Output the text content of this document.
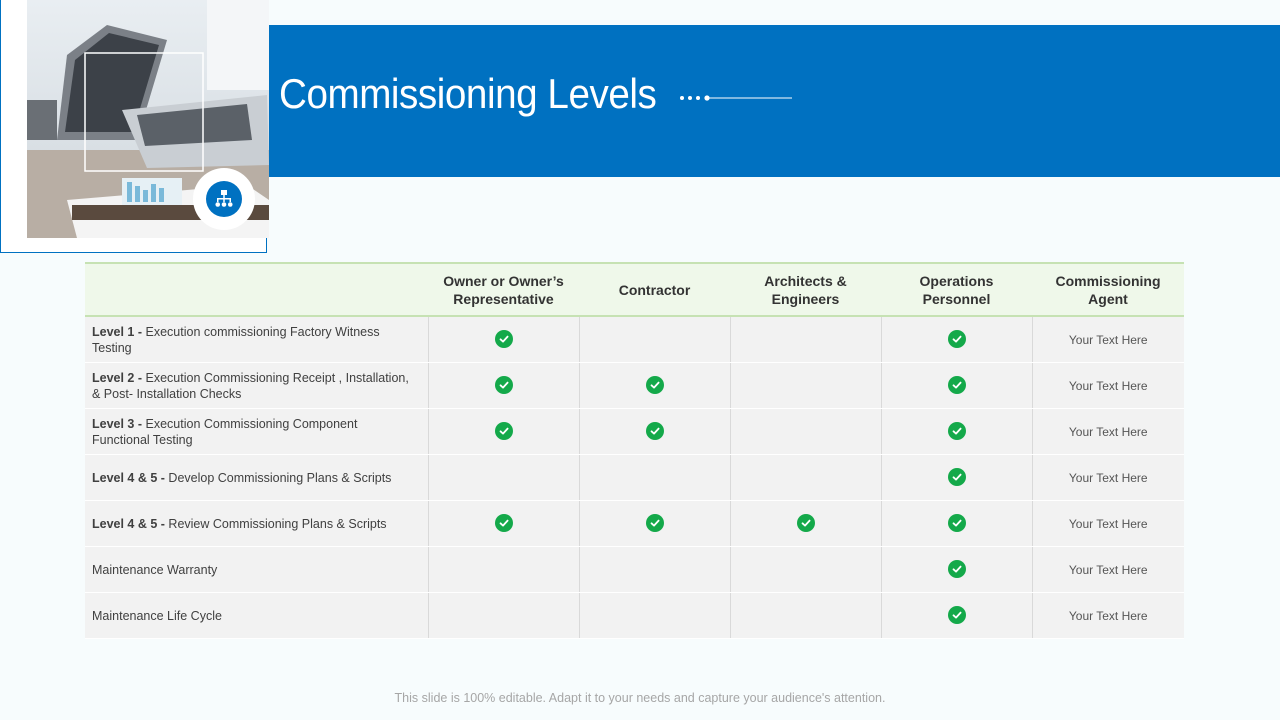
Commissioning Levels
	Owner or Owner’s Representative	Contractor	Architects & Engineers	Operations Personnel	Commissioning Agent
Level 1 - Execution commissioning Factory Witness Testing					Your Text Here
Level 2 - Execution Commissioning Receipt , Installation, & Post- Installation Checks					Your Text Here
Level 3 - Execution Commissioning Component Functional Testing					Your Text Here
Level 4 & 5 - Develop Commissioning Plans & Scripts					Your Text Here
Level 4 & 5 - Review Commissioning Plans & Scripts					Your Text Here
Maintenance Warranty					Your Text Here
Maintenance Life Cycle					Your Text Here
This slide is 100% editable. Adapt it to your needs and capture your audience's attention.
